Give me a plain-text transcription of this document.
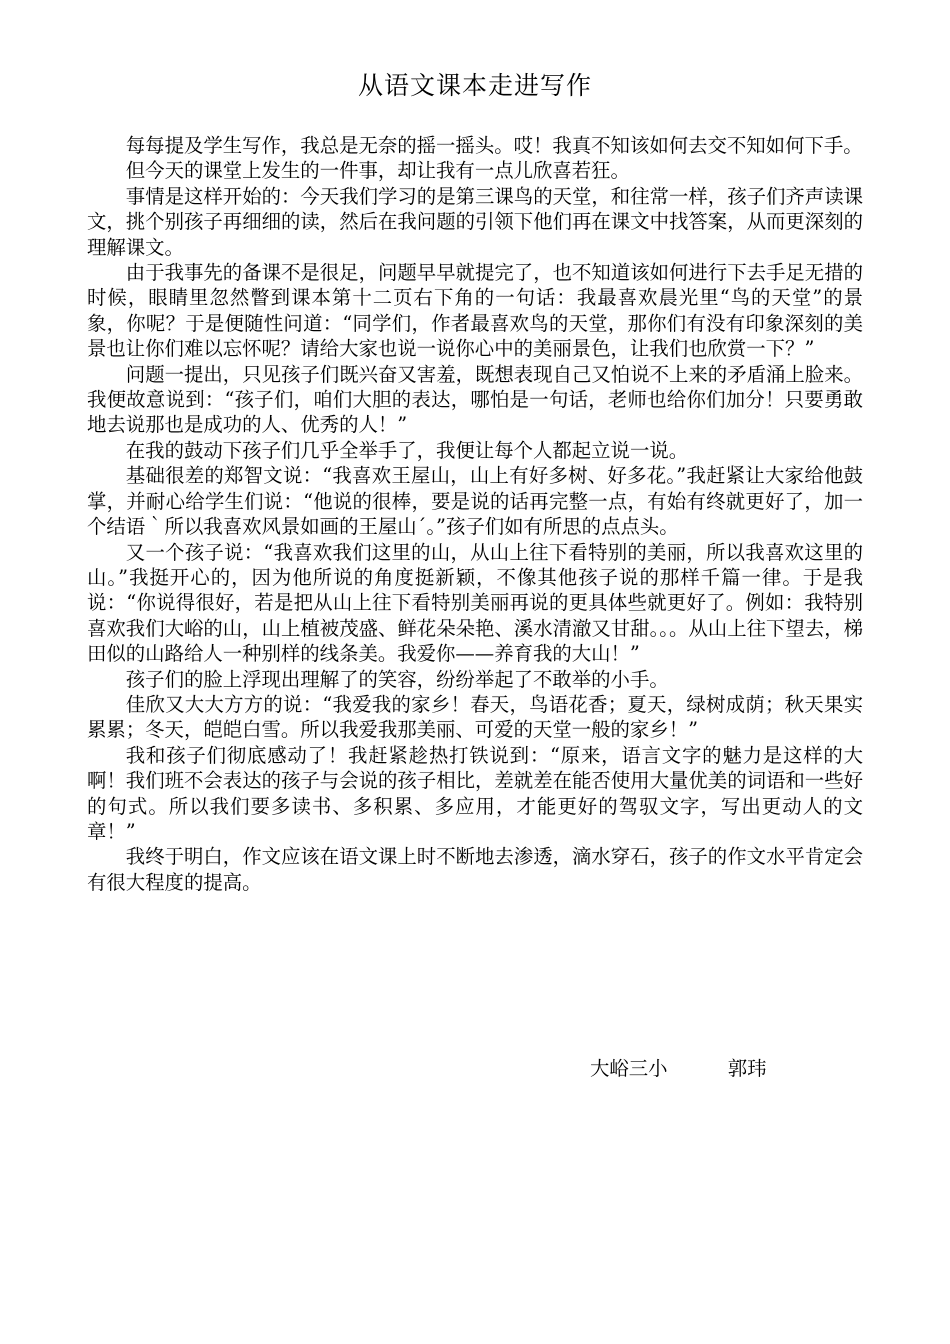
从语文课本走进写作

每每提及学生写作，我总是无奈的摇一摇头。哎！我真不知该如何去交不知如何下手。

但今天的课堂上发生的一件事，却让我有一点儿欣喜若狂。

事情是这样开始的：今天我们学习的是第三课鸟的天堂，和往常一样，孩子们齐声读课文，挑个别孩子再细细的读，然后在我问题的引领下他们再在课文中找答案，从而更深刻的理解课文。

由于我事先的备课不是很足，问题早早就提完了，也不知道该如何进行下去手足无措的时候，眼睛里忽然瞥到课本第十二页右下角的一句话：我最喜欢晨光里“鸟的天堂”的景象，你呢？于是便随性问道：“同学们，作者最喜欢鸟的天堂，那你们有没有印象深刻的美景也让你们难以忘怀呢？请给大家也说一说你心中的美丽景色，让我们也欣赏一下？”

问题一提出，只见孩子们既兴奋又害羞，既想表现自己又怕说不上来的矛盾涌上脸来。我便故意说到：“孩子们，咱们大胆的表达，哪怕是一句话，老师也给你们加分！只要勇敢地去说那也是成功的人、优秀的人！”

在我的鼓动下孩子们几乎全举手了，我便让每个人都起立说一说。

基础很差的郑智文说：“我喜欢王屋山，山上有好多树、好多花。”我赶紧让大家给他鼓掌，并耐心给学生们说：“他说的很棒，要是说的话再完整一点，有始有终就更好了，加一个结语｀所以我喜欢风景如画的王屋山´。”孩子们如有所思的点点头。

又一个孩子说：“我喜欢我们这里的山，从山上往下看特别的美丽，所以我喜欢这里的山。”我挺开心的，因为他所说的角度挺新颖，不像其他孩子说的那样千篇一律。于是我说：“你说得很好，若是把从山上往下看特别美丽再说的更具体些就更好了。例如：我特别喜欢我们大峪的山，山上植被茂盛、鲜花朵朵艳、溪水清澈又甘甜。。。从山上往下望去，梯田似的山路给人一种别样的线条美。我爱你——养育我的大山！”

孩子们的脸上浮现出理解了的笑容，纷纷举起了不敢举的小手。

佳欣又大大方方的说：“我爱我的家乡！春天，鸟语花香；夏天，绿树成荫；秋天果实累累；冬天，皑皑白雪。所以我爱我那美丽、可爱的天堂一般的家乡！”

我和孩子们彻底感动了！我赶紧趁热打铁说到：“原来，语言文字的魅力是这样的大啊！我们班不会表达的孩子与会说的孩子相比，差就差在能否使用大量优美的词语和一些好的句式。所以我们要多读书、多积累、多应用，才能更好的驾驭文字，写出更动人的文章！”

我终于明白，作文应该在语文课上时不断地去渗透，滴水穿石，孩子的作文水平肯定会有很大程度的提高。

大峪三小	郭玮
